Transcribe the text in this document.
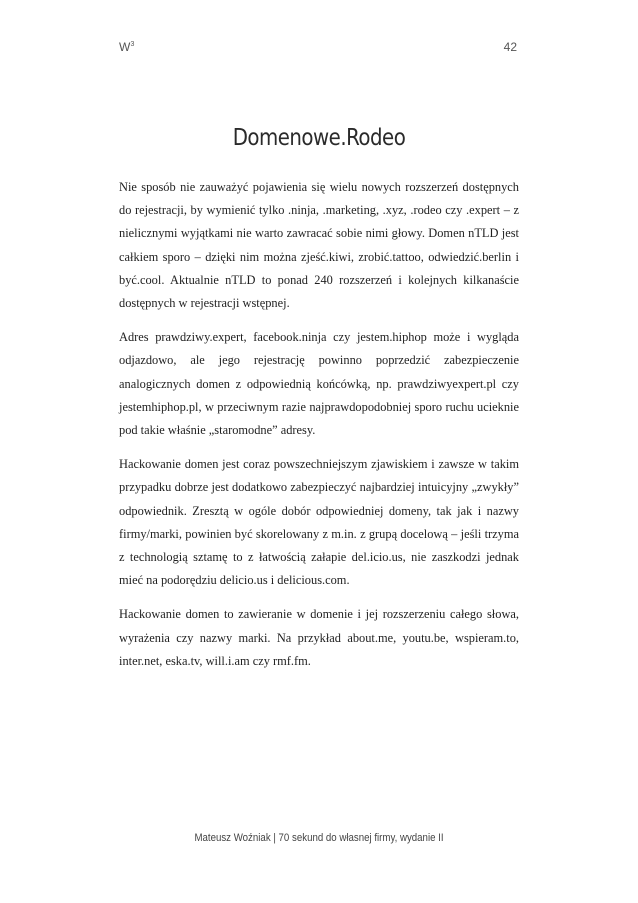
$W^3$	42
Domenowe.Rodeo

Nie sposób nie zauważyć pojawienia się wielu nowych rozszerzeń dostępnych do rejestracji, by wymienić tylko .ninja, .marketing, .xyz, .rodeo czy .expert – z nielicznymi wyjątkami nie warto zawracać sobie nimi głowy. Domen nTLD jest całkiem sporo – dzięki nim można zjeść.kiwi, zrobić.tattoo, odwiedzić.berlin i być.cool. Aktualnie nTLD to ponad 240 rozszerzeń i kolejnych kilkanaście dostępnych w rejestracji wstępnej.

Adres prawdziwy.expert, facebook.ninja czy jestem.hiphop może i wygląda odjazdowo, ale jego rejestrację powinno poprzedzić zabezpieczenie analogicznych domen z odpowiednią końcówką, np. prawdziwyexpert.pl czy jestemhiphop.pl, w przeciwnym razie najprawdopodobniej sporo ruchu ucieknie pod takie właśnie „staromodne” adresy.

Hackowanie domen jest coraz powszechniejszym zjawiskiem i zawsze w takim przypadku dobrze jest dodatkowo zabezpieczyć najbardziej intuicyjny „zwykły” odpowiednik. Zresztą w ogóle dobór odpowiedniej domeny, tak jak i nazwy firmy/marki, powinien być skorelowany z m.in. z grupą docelową – jeśli trzyma z technologią sztamę to z łatwością załapie del.icio.us, nie zaszkodzi jednak mieć na podorędziu delicio.us i delicious.com.

Hackowanie domen to zawieranie w domenie i jej rozszerzeniu całego słowa, wyrażenia czy nazwy marki. Na przykład about.me, youtu.be, wspieram.to, inter.net, eska.tv, will.i.am czy rmf.fm.

Mateusz Woźniak | 70 sekund do własnej firmy, wydanie II
